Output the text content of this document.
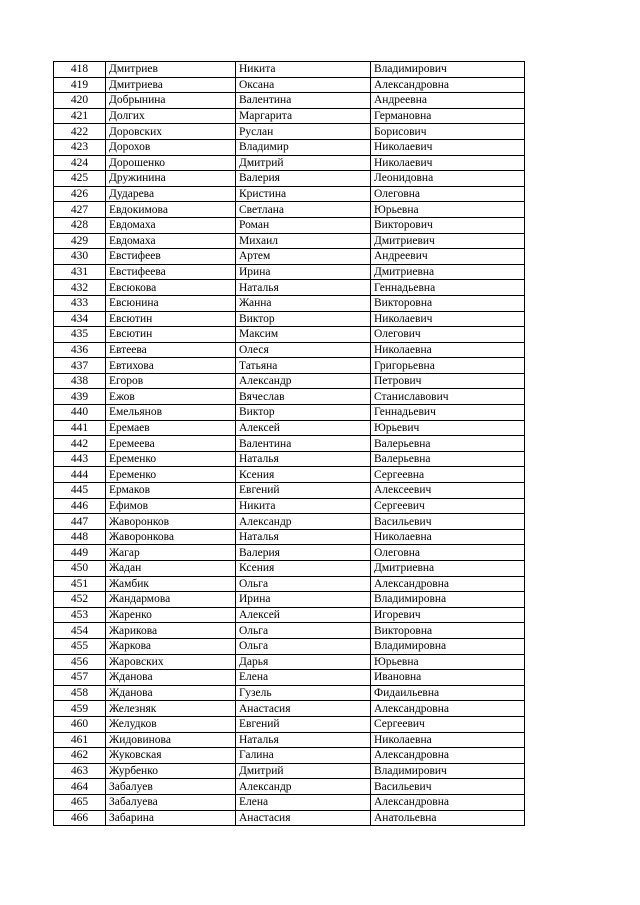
418	Дмитриев	Никита	Владимирович
419	Дмитриева	Оксана	Александровна
420	Добрынина	Валентина	Андреевна
421	Долгих	Маргарита	Германовна
422	Доровских	Руслан	Борисович
423	Дорохов	Владимир	Николаевич
424	Дорошенко	Дмитрий	Николаевич
425	Дружинина	Валерия	Леонидовна
426	Дударева	Кристина	Олеговна
427	Евдокимова	Светлана	Юрьевна
428	Евдомаха	Роман	Викторович
429	Евдомаха	Михаил	Дмитриевич
430	Евстифеев	Артем	Андреевич
431	Евстифеева	Ирина	Дмитриевна
432	Евсюкова	Наталья	Геннадьевна
433	Евсюнина	Жанна	Викторовна
434	Евсютин	Виктор	Николаевич
435	Евсютин	Максим	Олегович
436	Евтеева	Олеся	Николаевна
437	Евтихова	Татьяна	Григорьевна
438	Егоров	Александр	Петрович
439	Ежов	Вячеслав	Станиславович
440	Емельянов	Виктор	Геннадьевич
441	Еремаев	Алексей	Юрьевич
442	Еремеева	Валентина	Валерьевна
443	Еременко	Наталья	Валерьевна
444	Еременко	Ксения	Сергеевна
445	Ермаков	Евгений	Алексеевич
446	Ефимов	Никита	Сергеевич
447	Жаворонков	Александр	Васильевич
448	Жаворонкова	Наталья	Николаевна
449	Жагар	Валерия	Олеговна
450	Жадан	Ксения	Дмитриевна
451	Жамбик	Ольга	Александровна
452	Жандармова	Ирина	Владимировна
453	Жаренко	Алексей	Игоревич
454	Жарикова	Ольга	Викторовна
455	Жаркова	Ольга	Владимировна
456	Жаровских	Дарья	Юрьевна
457	Жданова	Елена	Ивановна
458	Жданова	Гузель	Фидаильевна
459	Железняк	Анастасия	Александровна
460	Желудков	Евгений	Сергеевич
461	Жидовинова	Наталья	Николаевна
462	Жуковская	Галина	Александровна
463	Журбенко	Дмитрий	Владимирович
464	Забалуев	Александр	Васильевич
465	Забалуева	Елена	Александровна
466	Забарина	Анастасия	Анатольевна
